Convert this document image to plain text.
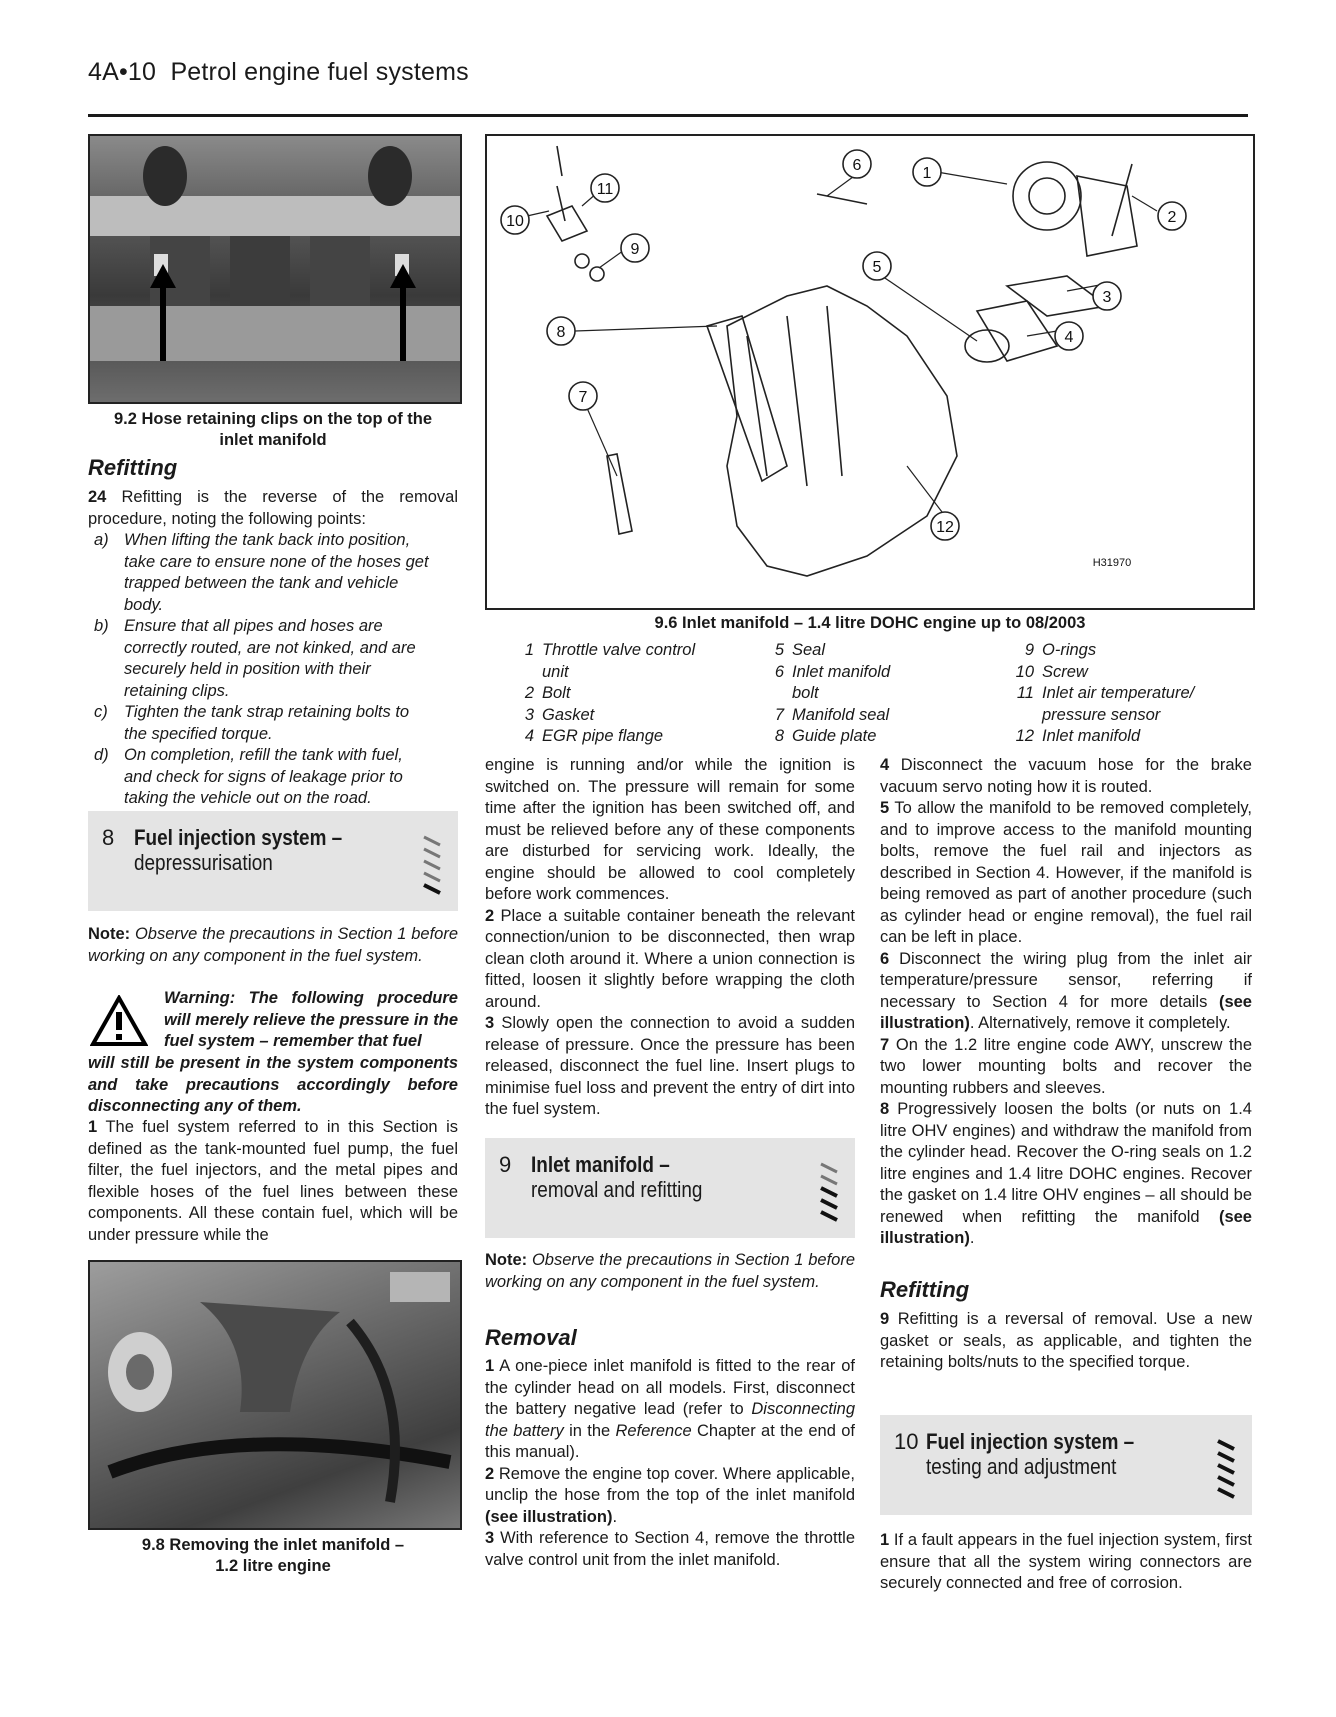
4A•10 Petrol engine fuel systems
9.2 Hose retaining clips on the top of the
inlet manifold
Refitting

24 Refitting is the reverse of the removal procedure, noting the following points:

a) When lifting the tank back into position, take care to ensure none of the hoses get trapped between the tank and vehicle body.
b) Ensure that all pipes and hoses are correctly routed, are not kinked, and are securely held in position with their retaining clips.
c) Tighten the tank strap retaining bolts to the specified torque.
d) On completion, refill the tank with fuel, and check for signs of leakage prior to taking the vehicle out on the road.
8 Fuel injection system –
depressurisation

Note: Observe the precautions in Section 1 before working on any component in the fuel system.

Warning: The following procedure will merely relieve the pressure in the fuel system – remember that fuel
will still be present in the system components and take precautions accordingly before disconnecting any of them.

1 The fuel system referred to in this Section is defined as the tank-mounted fuel pump, the fuel filter, the fuel injectors, and the metal pipes and flexible hoses of the fuel lines between these components. All these contain fuel, which will be under pressure while the

9.8 Removing the inlet manifold –
1.2 litre engine
1
2
3
4
5
6
7
8
9
10
11
12
H31970
9.6 Inlet manifold – 1.4 litre DOHC engine up to 08/2003
1 Throttle valve control
unit
2 Bolt
3 Gasket
4 EGR pipe flange
5 Seal
6 Inlet manifold
bolt
7 Manifold seal
8 Guide plate
9 O-rings
10 Screw
11 Inlet air temperature/
pressure sensor
12 Inlet manifold

engine is running and/or while the ignition is switched on. The pressure will remain for some time after the ignition has been switched off, and must be relieved before any of these components are disturbed for servicing work. Ideally, the engine should be allowed to cool completely before work commences.

2 Place a suitable container beneath the relevant connection/union to be disconnected, then wrap clean cloth around it. Where a union connection is fitted, loosen it slightly before wrapping the cloth around.

3 Slowly open the connection to avoid a sudden release of pressure. Once the pressure has been released, disconnect the fuel line. Insert plugs to minimise fuel loss and prevent the entry of dirt into the fuel system.

9 Inlet manifold –
removal and refitting

Note: Observe the precautions in Section 1 before working on any component in the fuel system.

Removal

1 A one-piece inlet manifold is fitted to the rear of the cylinder head on all models. First, disconnect the battery negative lead (refer to Disconnecting the battery in the Reference Chapter at the end of this manual).

2 Remove the engine top cover. Where applicable, unclip the hose from the top of the inlet manifold (see illustration).

3 With reference to Section 4, remove the throttle valve control unit from the inlet manifold.

4 Disconnect the vacuum hose for the brake vacuum servo noting how it is routed.

5 To allow the manifold to be removed completely, and to improve access to the manifold mounting bolts, remove the fuel rail and injectors as described in Section 4. However, if the manifold is being removed as part of another procedure (such as cylinder head or engine removal), the fuel rail can be left in place.

6 Disconnect the wiring plug from the inlet air temperature/pressure sensor, referring if necessary to Section 4 for more details (see illustration). Alternatively, remove it completely.

7 On the 1.2 litre engine code AWY, unscrew the two lower mounting bolts and recover the mounting rubbers and sleeves.

8 Progressively loosen the bolts (or nuts on 1.4 litre OHV engines) and withdraw the manifold from the cylinder head. Recover the O-ring seals on 1.2 litre engines and 1.4 litre DOHC engines. Recover the gasket on 1.4 litre OHV engines – all should be renewed when refitting the manifold (see illustration).

Refitting

9 Refitting is a reversal of removal. Use a new gasket or seals, as applicable, and tighten the retaining bolts/nuts to the specified torque.

10 Fuel injection system –
testing and adjustment

1 If a fault appears in the fuel injection system, first ensure that all the system wiring connectors are securely connected and free of corrosion.
